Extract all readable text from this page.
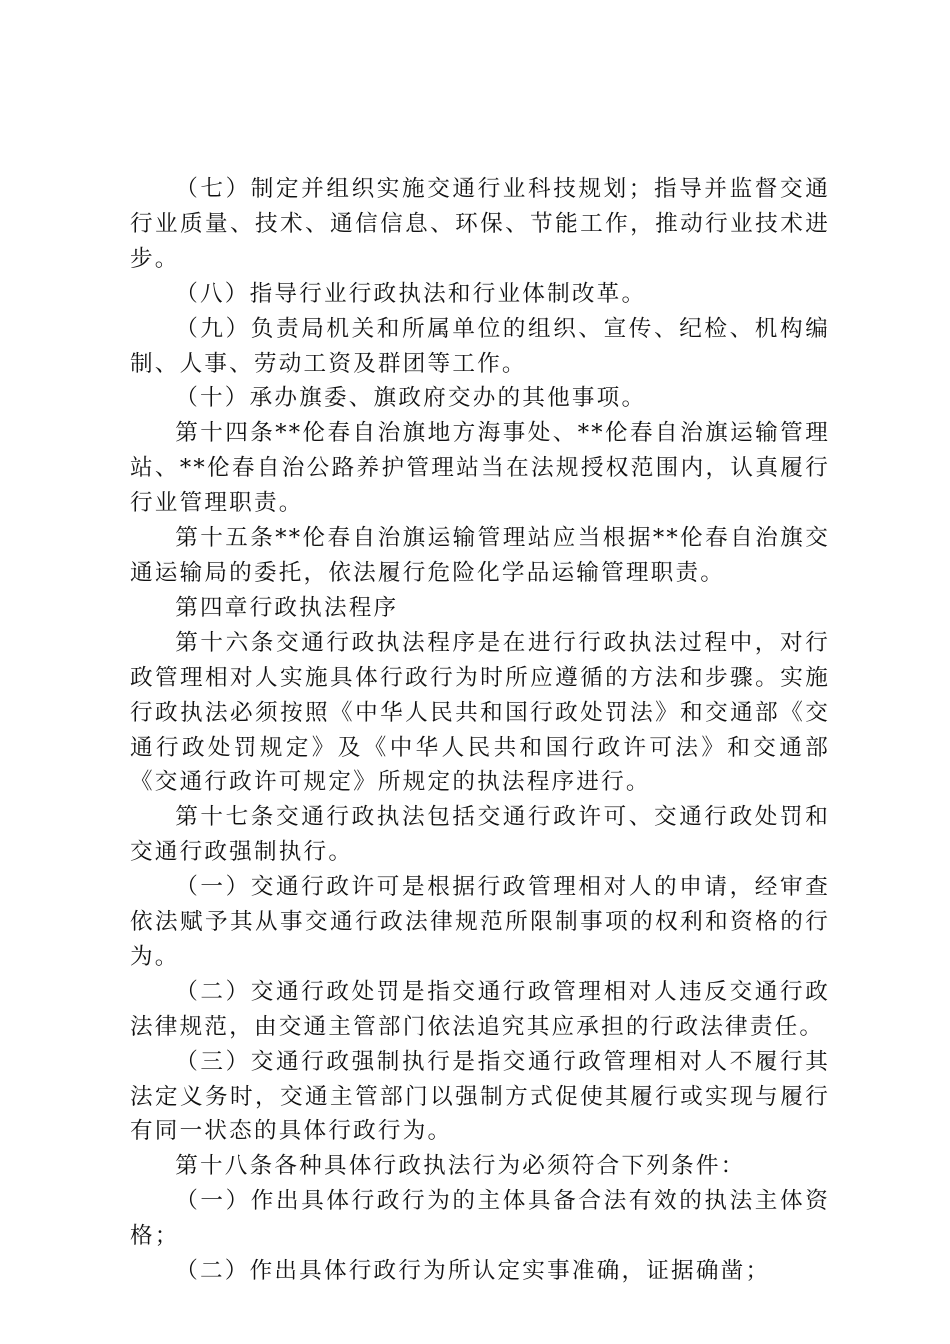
（七）制定并组织实施交通行业科技规划；指导并监督交通行业质量、技术、通信信息、环保、节能工作，推动行业技术进步。

（八）指导行业行政执法和行业体制改革。

（九）负责局机关和所属单位的组织、宣传、纪检、机构编制、人事、劳动工资及群团等工作。

（十）承办旗委、旗政府交办的其他事项。

第十四条**伦春自治旗地方海事处、**伦春自治旗运输管理站、**伦春自治公路养护管理站当在法规授权范围内，认真履行行业管理职责。

第十五条**伦春自治旗运输管理站应当根据**伦春自治旗交通运输局的委托，依法履行危险化学品运输管理职责。

第四章行政执法程序

第十六条交通行政执法程序是在进行行政执法过程中，对行政管理相对人实施具体行政行为时所应遵循的方法和步骤。实施行政执法必须按照《中华人民共和国行政处罚法》和交通部《交通行政处罚规定》及《中华人民共和国行政许可法》和交通部《交通行政许可规定》所规定的执法程序进行。

第十七条交通行政执法包括交通行政许可、交通行政处罚和交通行政强制执行。

（一）交通行政许可是根据行政管理相对人的申请，经审查依法赋予其从事交通行政法律规范所限制事项的权利和资格的行为。

（二）交通行政处罚是指交通行政管理相对人违反交通行政法律规范，由交通主管部门依法追究其应承担的行政法律责任。

（三）交通行政强制执行是指交通行政管理相对人不履行其法定义务时，交通主管部门以强制方式促使其履行或实现与履行有同一状态的具体行政行为。

第十八条各种具体行政执法行为必须符合下列条件：

（一）作出具体行政行为的主体具备合法有效的执法主体资格；

（二）作出具体行政行为所认定实事准确，证据确凿；
